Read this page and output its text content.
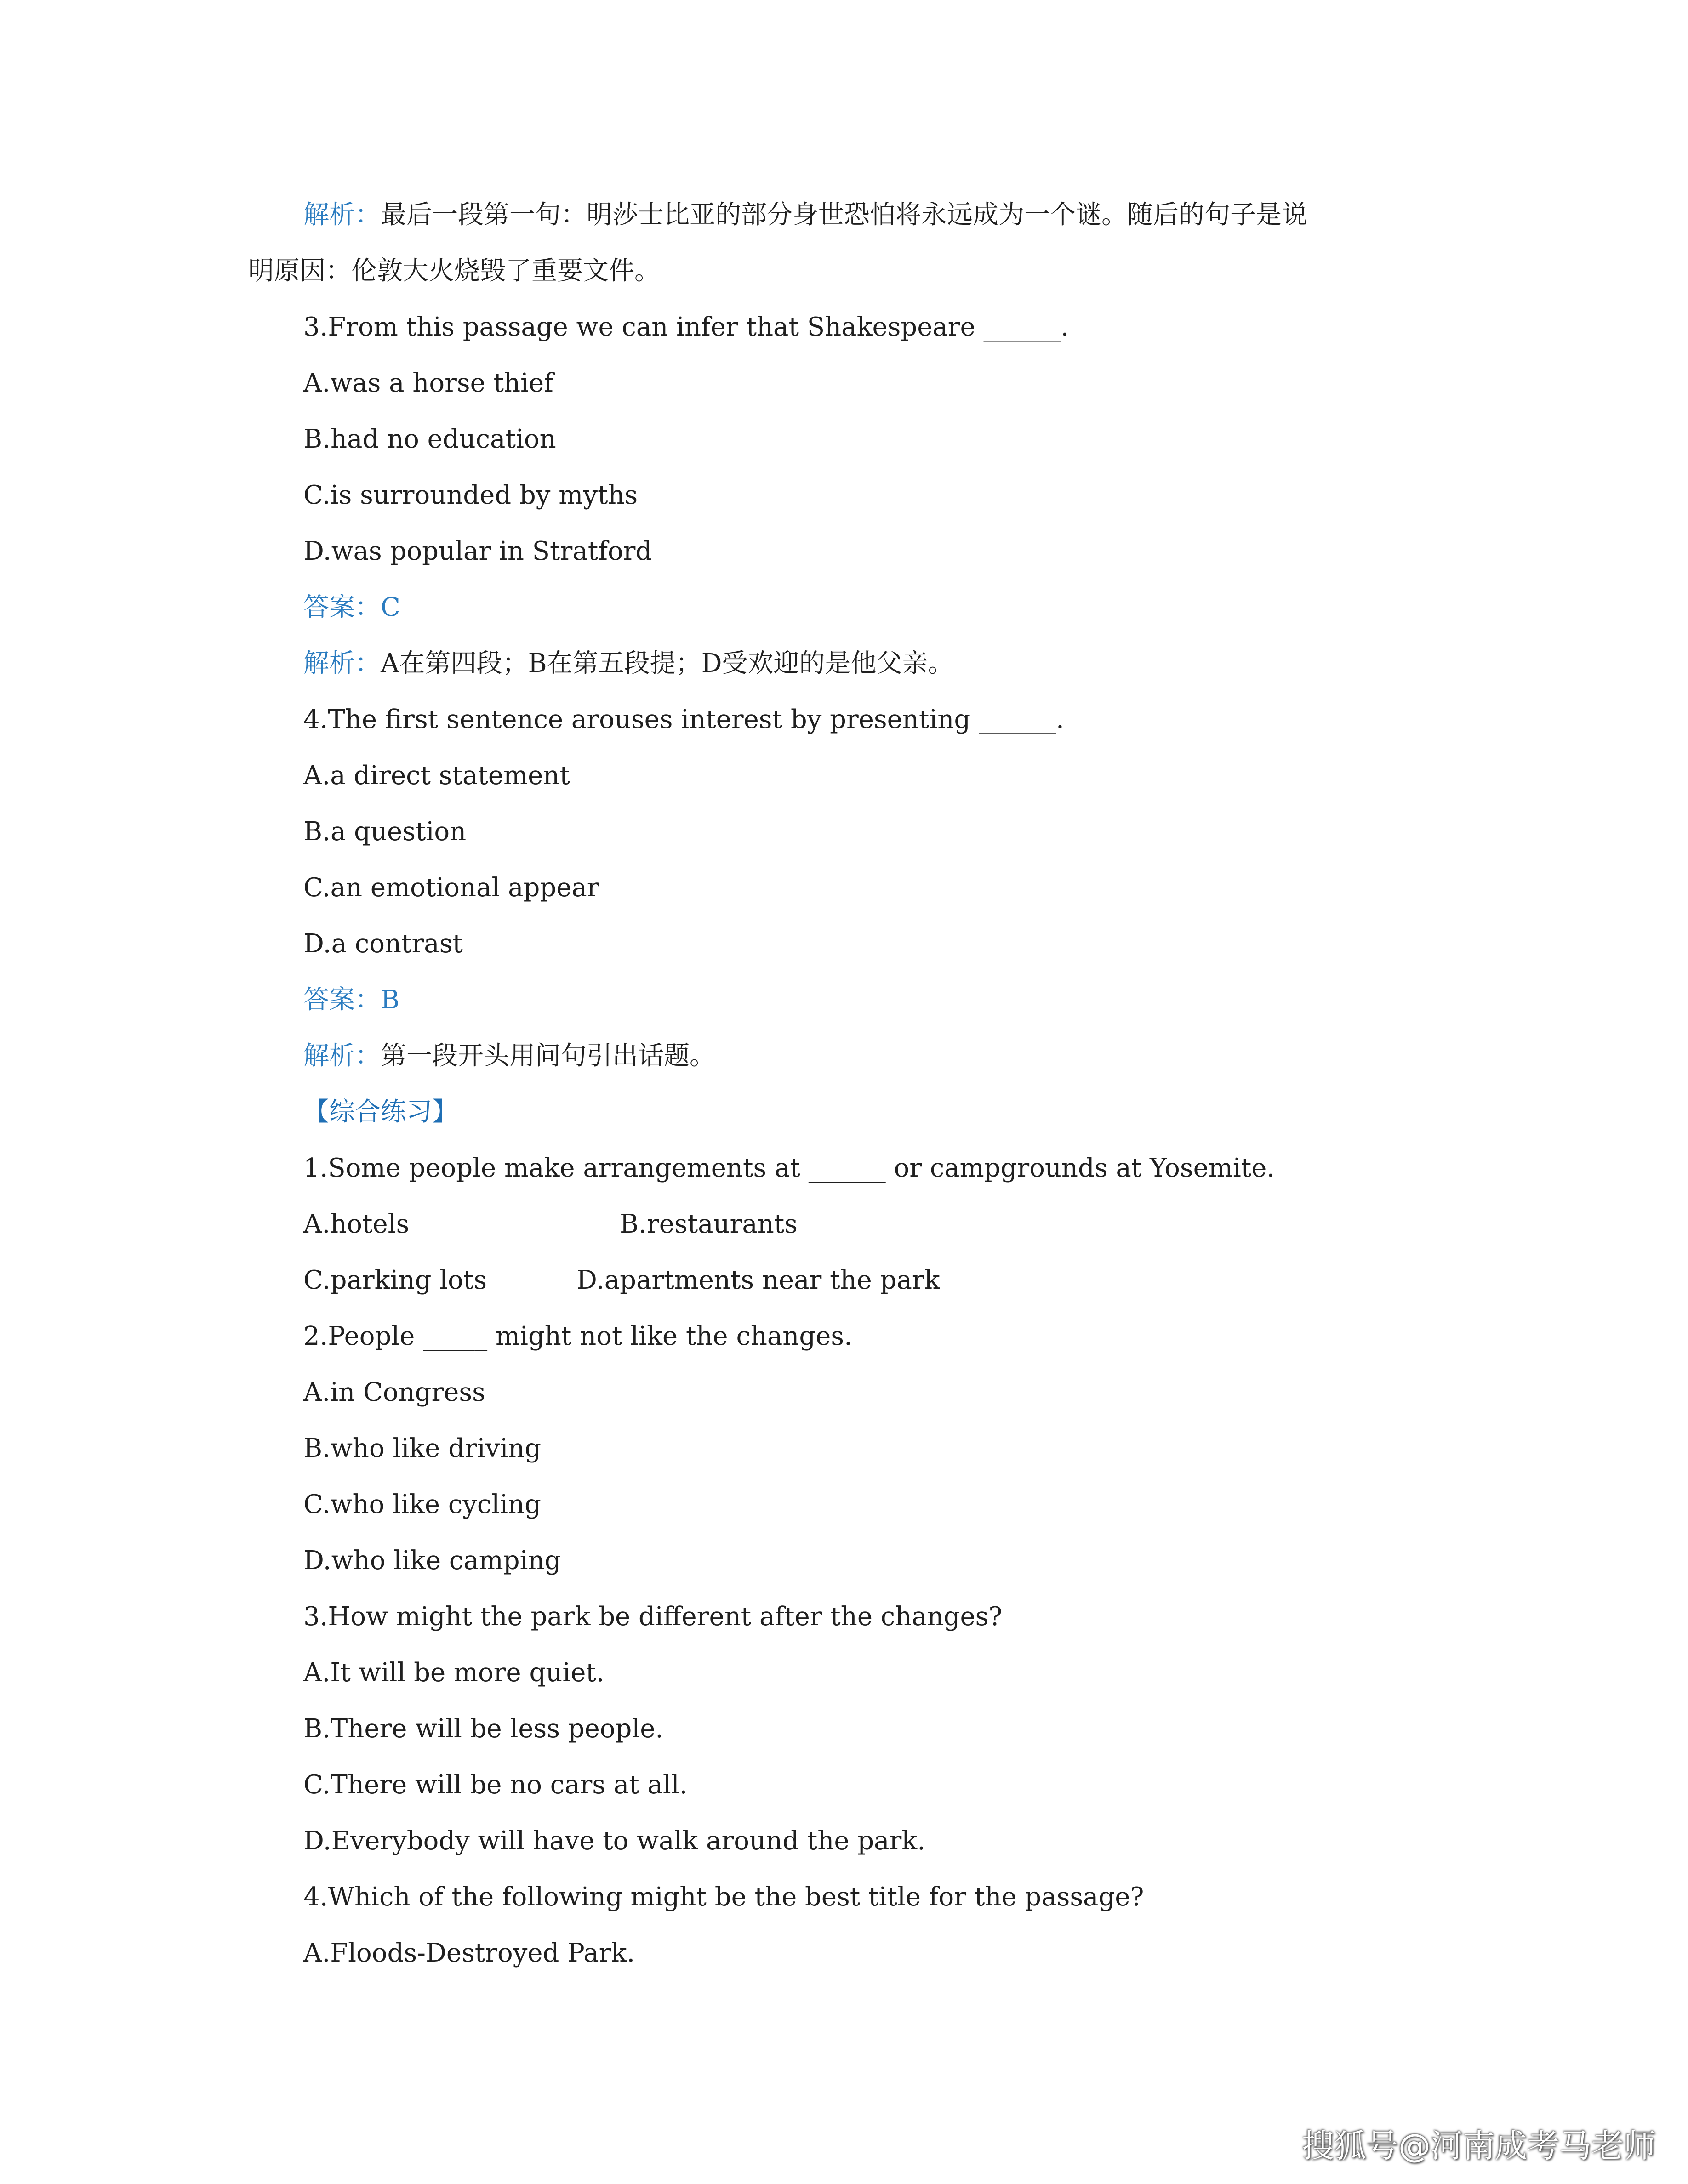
解析：最后一段第一句：明莎士比亚的部分身世恐怕将永远成为一个谜。随后的句子是说

明原因：伦敦大火烧毁了重要文件。

3.From this passage we can infer that Shakespeare ______.

A.was a horse thief

B.had no education

C.is surrounded by myths

D.was popular in Stratford

答案：C

解析：A在第四段；B在第五段提；D受欢迎的是他父亲。

4.The first sentence arouses interest by presenting ______.

A.a direct statement

B.a question

C.an emotional appear

D.a contrast

答案：B

解析：第一段开头用问句引出话题。

【综合练习】

1.Some people make arrangements at ______ or campgrounds at Yosemite.

A.hotels	B.restaurants

C.parking lots	D.apartments near the park

2.People _____ might not like the changes.

A.in Congress

B.who like driving

C.who like cycling

D.who like camping

3.How might the park be different after the changes?

A.It will be more quiet.

B.There will be less people.

C.There will be no cars at all.

D.Everybody will have to walk around the park.

4.Which of the following might be the best title for the passage?

A.Floods-Destroyed Park.

搜狐号@河南成考马老师
